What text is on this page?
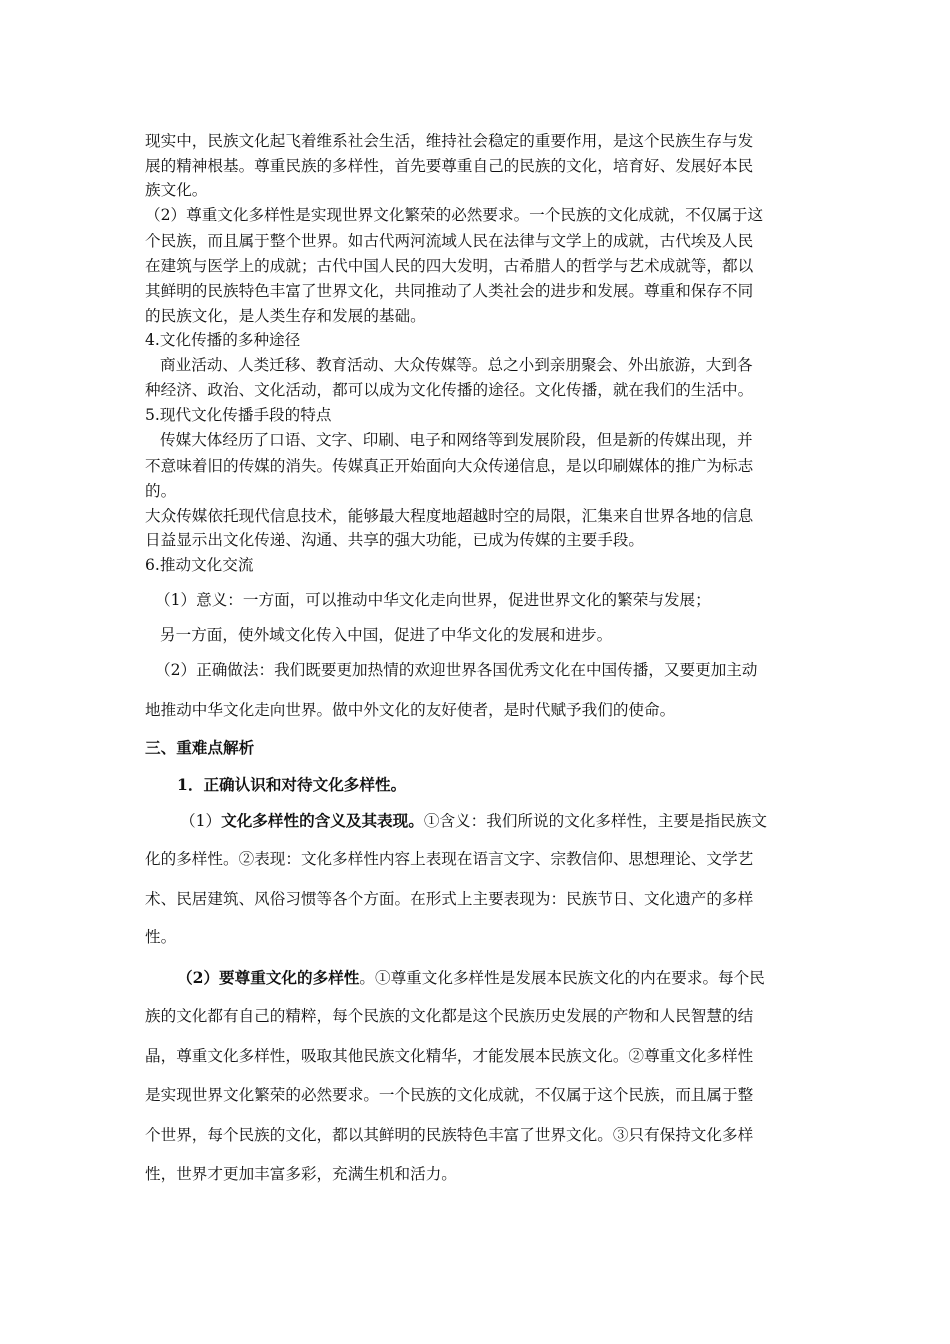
现实中，民族文化起飞着维系社会生活，维持社会稳定的重要作用，是这个民族生存与发
展的精神根基。尊重民族的多样性，首先要尊重自己的民族的文化，培育好、发展好本民
族文化。
（2）尊重文化多样性是实现世界文化繁荣的必然要求。一个民族的文化成就，不仅属于这
个民族，而且属于整个世界。如古代两河流域人民在法律与文学上的成就，古代埃及人民
在建筑与医学上的成就；古代中国人民的四大发明，古希腊人的哲学与艺术成就等，都以
其鲜明的民族特色丰富了世界文化，共同推动了人类社会的进步和发展。尊重和保存不同
的民族文化，是人类生存和发展的基础。
4.文化传播的多种途径
商业活动、人类迁移、教育活动、大众传媒等。总之小到亲朋聚会、外出旅游，大到各
种经济、政治、文化活动，都可以成为文化传播的途径。文化传播，就在我们的生活中。
5.现代文化传播手段的特点
传媒大体经历了口语、文字、印刷、电子和网络等到发展阶段，但是新的传媒出现，并
不意味着旧的传媒的消失。传媒真正开始面向大众传递信息，是以印刷媒体的推广为标志
的。
大众传媒依托现代信息技术，能够最大程度地超越时空的局限，汇集来自世界各地的信息
日益显示出文化传递、沟通、共享的强大功能，已成为传媒的主要手段。
6.推动文化交流
（1）意义：一方面，可以推动中华文化走向世界，促进世界文化的繁荣与发展；
另一方面，使外域文化传入中国，促进了中华文化的发展和进步。
（2）正确做法：我们既要更加热情的欢迎世界各国优秀文化在中国传播，又要更加主动
地推动中华文化走向世界。做中外文化的友好使者，是时代赋予我们的使命。
三、重难点解析
1．正确认识和对待文化多样性。
（1）文化多样性的含义及其表现。①含义：我们所说的文化多样性，主要是指民族文
化的多样性。②表现：文化多样性内容上表现在语言文字、宗教信仰、思想理论、文学艺
术、民居建筑、风俗习惯等各个方面。在形式上主要表现为：民族节日、文化遗产的多样
性。
（2）要尊重文化的多样性。①尊重文化多样性是发展本民族文化的内在要求。每个民
族的文化都有自己的精粹，每个民族的文化都是这个民族历史发展的产物和人民智慧的结
晶，尊重文化多样性，吸取其他民族文化精华，才能发展本民族文化。②尊重文化多样性
是实现世界文化繁荣的必然要求。一个民族的文化成就，不仅属于这个民族，而且属于整
个世界，每个民族的文化，都以其鲜明的民族特色丰富了世界文化。③只有保持文化多样
性，世界才更加丰富多彩，充满生机和活力。
